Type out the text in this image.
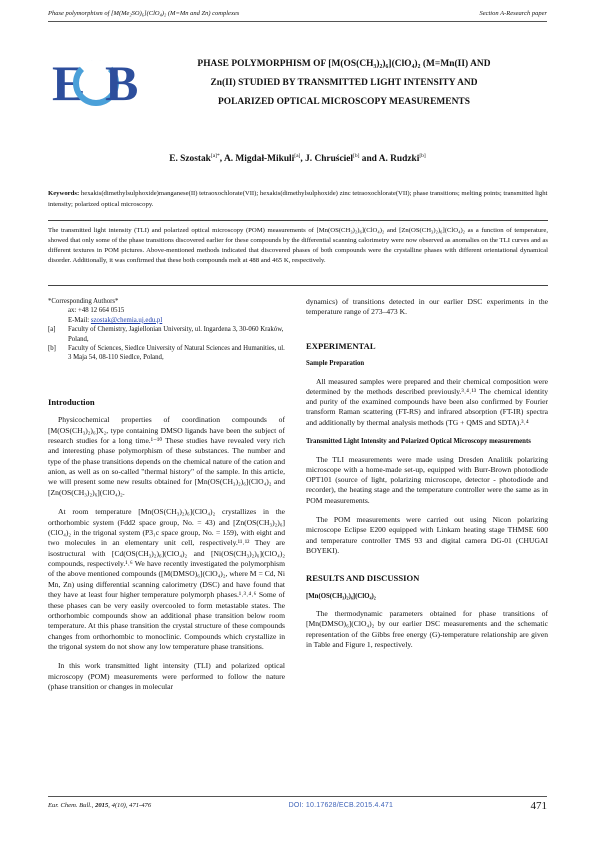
Phase polymorphism of [M(Me₂SO)₆](ClO₄)₂ (M=Mn and Zn) complexes	Section A-Research paper
E B	PHASE POLYMORPHISM OF [M(OS(CH₃)₂)₆](ClO₄)₂ (M=Mn(II) AND
Zn(II) STUDIED BY TRANSMITTED LIGHT INTENSITY AND
POLARIZED OPTICAL MICROSCOPY MEASUREMENTS
E. Szostak$^{[a]*}$, A. Migdał-Mikuli[a], J. Chruściel[b] and A. Rudzki[b]
Keywords: hexakis(dimethylsulphoxide)manganese(II) tetraoxochlorate(VII); hexakis(dimethylsulphoxide) zinc tetraoxochlorate(VII); phase transitions; melting points; transmitted light intensity; polarized optical microscopy.
The transmitted light intensity (TLI) and polarized optical microscopy (POM) measurements of [Mn(OS(CH₃)₂)₆](ClO₄)₂ and [Zn(OS(CH₃)₂)₆](ClO₄)₂ as a function of temperature, showed that only some of the phase transitions discovered earlier for these compounds by the differential scanning calorimetry were now observed as anomalies on the TLI curves and as different textures in POM pictures. Above-mentioned methods indicated that discovered phases of both compounds were the crystalline phases with different orientational dynamical disorder. Additionally, it was confirmed that these both compounds melt at 488 and 465 K, respectively.
*Corresponding Authors*
ax: +48 12 664 0515
E-Mail: szostak@chemia.uj.edu.pl
[a]	Faculty of Chemistry, Jagiellonian University, ul. Ingardena 3, 30-060 Kraków, Poland,
[b]	Faculty of Sciences, Siedlce University of Natural Sciences and Humanities, ul. 3 Maja 54, 08-110 Siedlce, Poland,
Introduction

Physicochemical properties of coordination compounds of [M(OS(CH₃)₂)₆]X₂, type containing DMSO ligands have been the subject of research studies for a long time.¹⁻¹⁰ These studies have revealed very rich and interesting phase polymorphism of these substances. The number and type of the phase transitions depends on the chemical nature of the cation and anion, as well as on so-called "thermal history" of the sample. In this article, we will present some new results obtained for [Mn(OS(CH₃)₂)₆](ClO₄)₂ and [Zn(OS(CH₃)₂)₆](ClO₄)₂.

At room temperature [Mn(OS(CH₃)₂)₆](ClO₄)₂ crystallizes in the orthorhombic system (Fdd2 space group, No. = 43) and [Zn(OS(CH₃)₂)₆](ClO₄)₂ in the trigonal system (P3₁c space group, No. = 159), with eight and two molecules in an elementary unit cell, respectively.¹¹˒¹² They are isostructural with [Cd(OS(CH₃)₂)₆](ClO₄)₂ and [Ni(OS(CH₃)₂)₆](ClO₄)₂ compounds, respectively.¹˒⁶ We have recently investigated the polymorphism of the above mentioned compounds ([M(DMSO)₆](ClO₄)₂, where M = Cd, Ni Mn, Zn) using differential scanning calorimetry (DSC) and have found that they have at least four higher temperature polymorph phases.¹˒³˒⁴˒⁶ Some of these phases can be very easily overcooled to form metastable states. The orthorhombic compounds show an additional phase transition below room temperature. At this phase transition the crystal structure of these compounds changes from orthorhombic to monoclinic. Compounds which crystallize in the trigonal system do not show any low temperature phase transitions.

In this work transmitted light intensity (TLI) and polarized optical microscopy (POM) measurements were performed to follow the nature (phase transition or changes in molecular

dynamics) of transitions detected in our earlier DSC experiments in the temperature range of 273–473 K.

EXPERIMENTAL
Sample Preparation

All measured samples were prepared and their chemical composition were determined by the methods described previously.³˒⁴˒¹³ The chemical identity and purity of the examined compounds have been also confirmed by Fourier transform Raman scattering (FT-RS) and infrared absorption (FT-IR) spectra and additionally by thermal analysis methods (TG + QMS and SDTA).³˒⁴

Transmitted Light Intensity and Polarized Optical Microscopy measurements

The TLI measurements were made using Dresden Analitik polarizing microscope with a home-made set-up, equipped with Burr-Brown photodiode OPT101 (source of light, polarizing microscope, detector - photodiode and recorder), the heating stage and the temperature controller were the same as in POM measurements.

The POM measurements were carried out using Nicon polarizing microscope Eclipse E200 equipped with Linkam heating stage THMSE 600 and temperature controller TMS 93 and digital camera DG-01 (CHUGAI BOYEKI).

RESULTS AND DISCUSSION
[Mn(OS(CH₃)₂)₆](ClO₄)₂

The thermodynamic parameters obtained for phase transitions of [Mn(DMSO)₆](ClO₄)₂ by our earlier DSC measurements and the schematic representation of the Gibbs free energy (G)-temperature relationship are given in Table and Figure 1, respectively.

Eur. Chem. Bull., 2015, 4(10), 471-476	DOI: 10.17628/ECB.2015.4.471	471
